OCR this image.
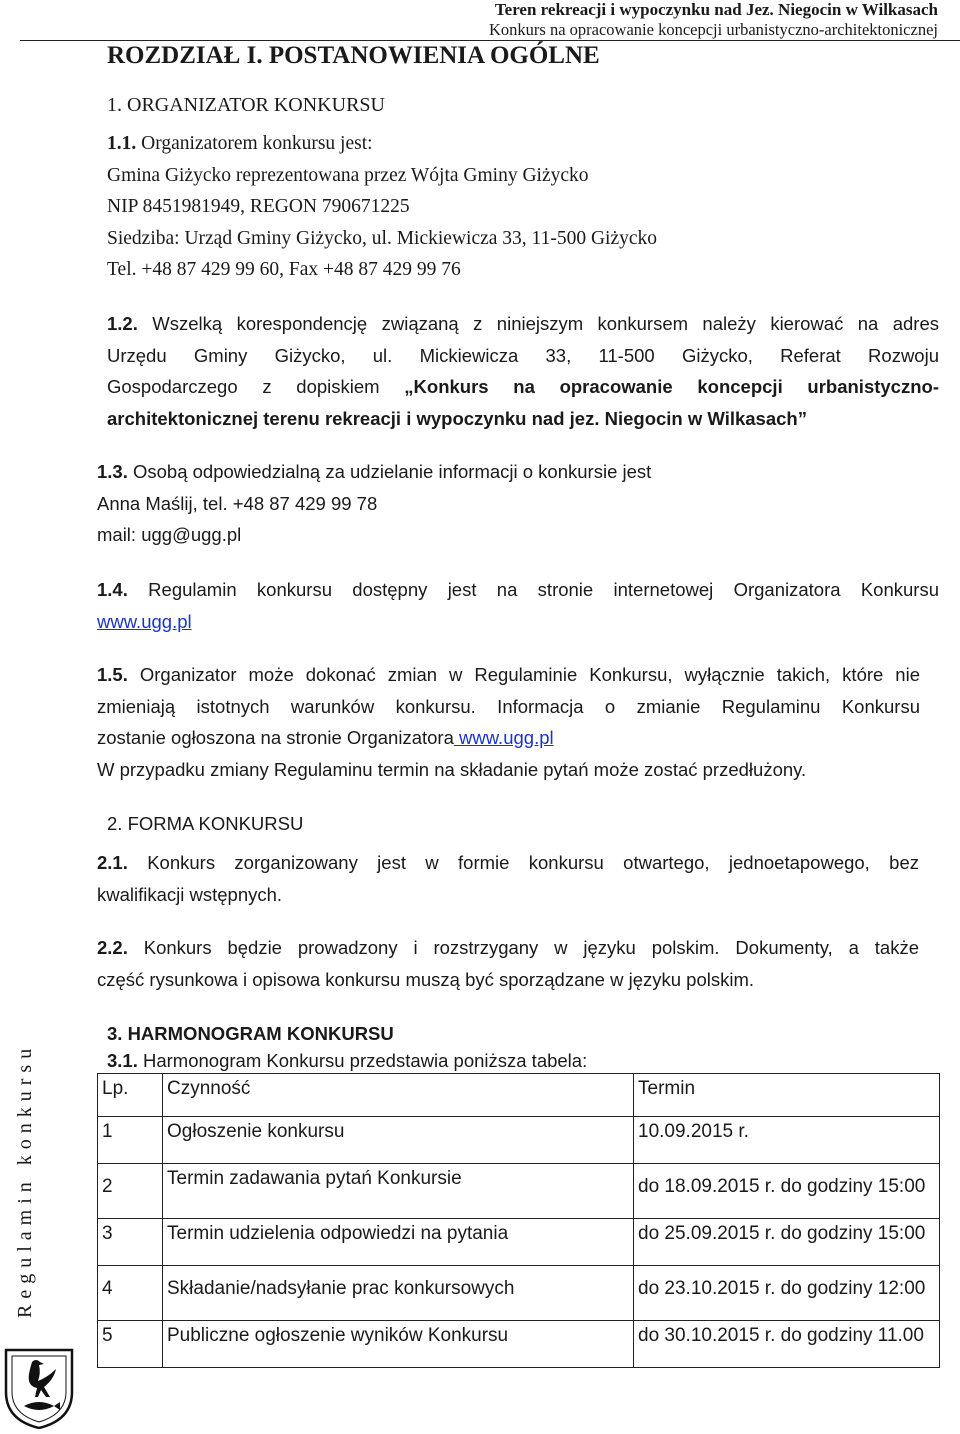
Teren rekreacji i wypoczynku nad Jez. Niegocin w Wilkasach
Konkurs na opracowanie koncepcji urbanistyczno-architektonicznej
ROZDZIAŁ I. POSTANOWIENIA OGÓLNE
1. ORGANIZATOR KONKURSU
1.1. Organizatorem konkursu jest:
Gmina Giżycko reprezentowana przez Wójta Gminy Giżycko
NIP 8451981949, REGON 790671225
Siedziba: Urząd Gminy Giżycko, ul. Mickiewicza 33, 11-500 Giżycko
Tel. +48 87 429 99 60, Fax +48 87 429 99 76
1.2. Wszelką korespondencję związaną z niniejszym konkursem należy kierować na adres
Urzędu Gminy Giżycko, ul. Mickiewicza 33, 11-500 Giżycko, Referat Rozwoju
Gospodarczego z dopiskiem „Konkurs na opracowanie koncepcji urbanistyczno-
architektonicznej terenu rekreacji i wypoczynku nad jez. Niegocin w Wilkasach”
1.3. Osobą odpowiedzialną za udzielanie informacji o konkursie jest
Anna Maślij, tel. +48 87 429 99 78
mail: ugg@ugg.pl
1.4. Regulamin konkursu dostępny jest na stronie internetowej Organizatora Konkursu
www.ugg.pl
1.5. Organizator może dokonać zmian w Regulaminie Konkursu, wyłącznie takich, które nie
zmieniają istotnych warunków konkursu. Informacja o zmianie Regulaminu Konkursu
zostanie ogłoszona na stronie Organizatora www.ugg.pl
W przypadku zmiany Regulaminu termin na składanie pytań może zostać przedłużony.
2. FORMA KONKURSU
2.1. Konkurs zorganizowany jest w formie konkursu otwartego, jednoetapowego, bez
kwalifikacji wstępnych.
2.2. Konkurs będzie prowadzony i rozstrzygany w języku polskim. Dokumenty, a także
część rysunkowa i opisowa konkursu muszą być sporządzane w języku polskim.
3. HARMONOGRAM KONKURSU
3.1. Harmonogram Konkursu przedstawia poniższa tabela:
Lp.	Czynność	Termin
1	Ogłoszenie konkursu	10.09.2015 r.
2	Termin zadawania pytań Konkursie	do 18.09.2015 r. do godziny 15:00
3	Termin udzielenia odpowiedzi na pytania	do 25.09.2015 r. do godziny 15:00
4	Składanie/nadsyłanie prac konkursowych	do 23.10.2015 r. do godziny 12:00
5	Publiczne ogłoszenie wyników Konkursu	do 30.10.2015 r. do godziny 11.00
Regulamin konkursu
